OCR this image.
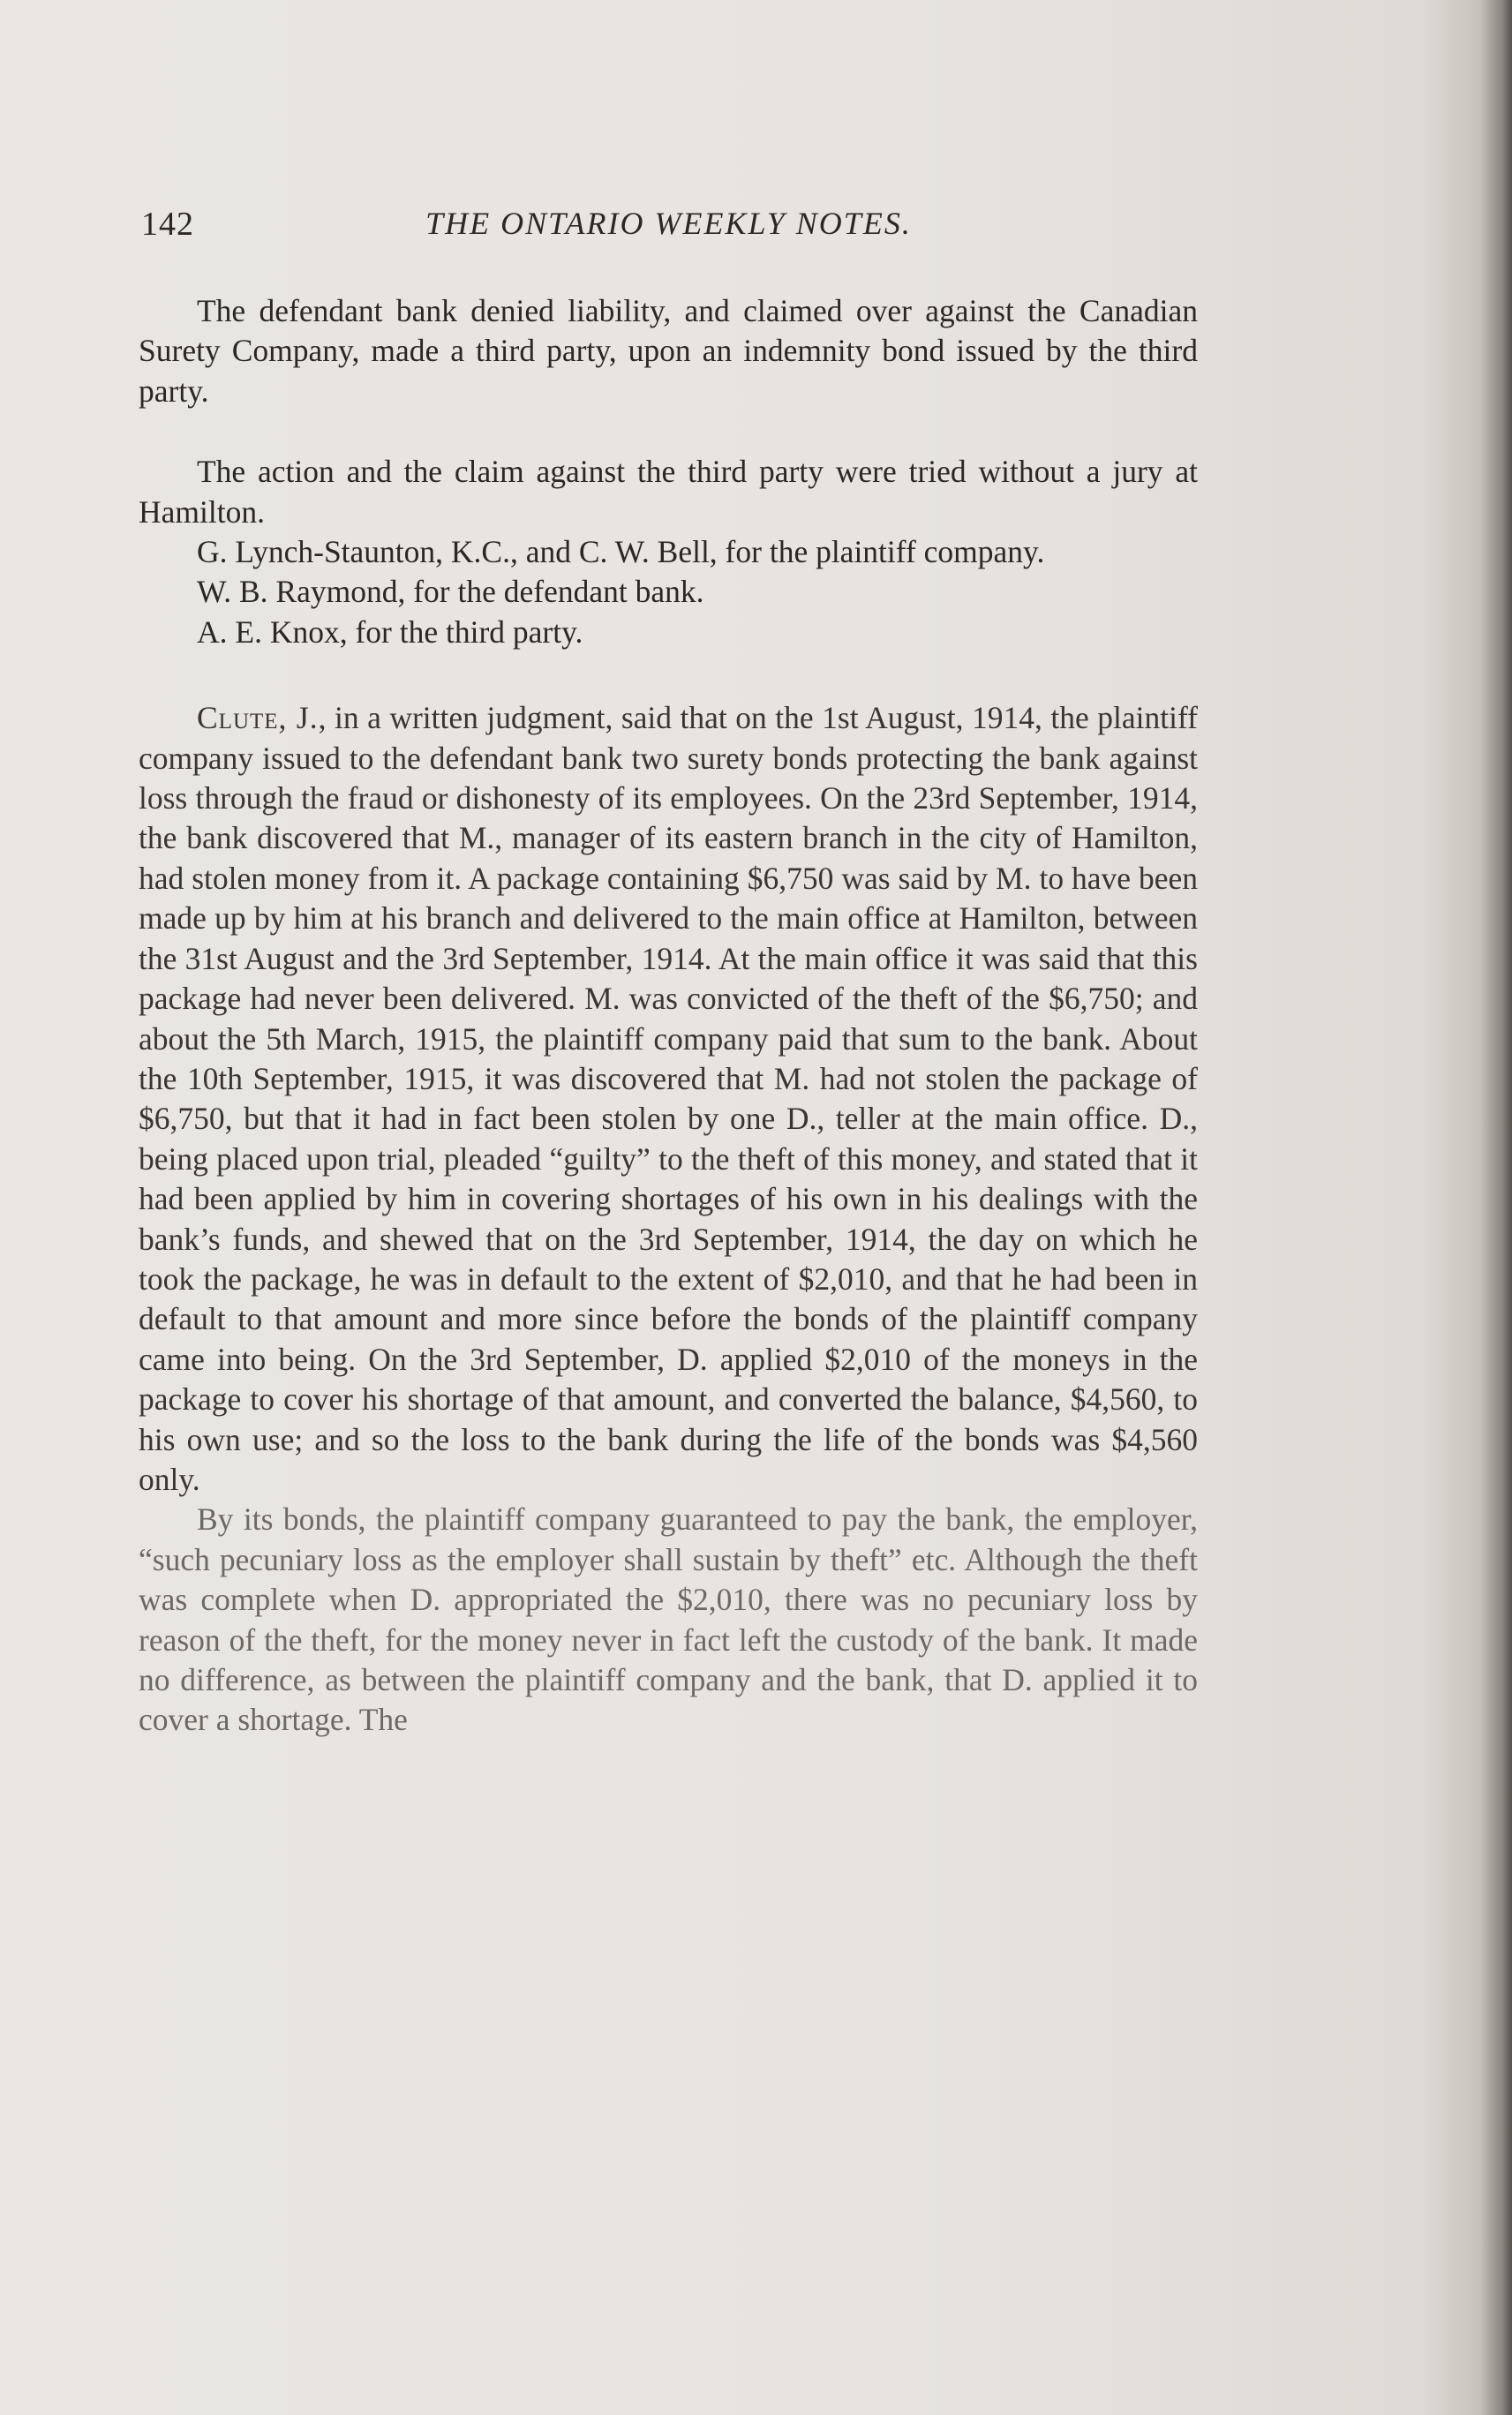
142	THE ONTARIO WEEKLY NOTES.

The defendant bank denied liability, and claimed over against the Canadian Surety Company, made a third party, upon an indemnity bond issued by the third party.

The action and the claim against the third party were tried without a jury at Hamilton.

G. Lynch-Staunton, K.C., and C. W. Bell, for the plaintiff company.

W. B. Raymond, for the defendant bank.

A. E. Knox, for the third party.

Clute, J., in a written judgment, said that on the 1st August, 1914, the plaintiff company issued to the defendant bank two surety bonds protecting the bank against loss through the fraud or dishonesty of its employees. On the 23rd September, 1914, the bank discovered that M., manager of its eastern branch in the city of Hamilton, had stolen money from it. A package containing $6,750 was said by M. to have been made up by him at his branch and delivered to the main office at Hamilton, between the 31st August and the 3rd September, 1914. At the main office it was said that this package had never been delivered. M. was convicted of the theft of the $6,750; and about the 5th March, 1915, the plaintiff company paid that sum to the bank. About the 10th September, 1915, it was discovered that M. had not stolen the package of $6,750, but that it had in fact been stolen by one D., teller at the main office. D., being placed upon trial, pleaded “guilty” to the theft of this money, and stated that it had been applied by him in covering shortages of his own in his dealings with the bank’s funds, and shewed that on the 3rd September, 1914, the day on which he took the package, he was in default to the extent of $2,010, and that he had been in default to that amount and more since before the bonds of the plaintiff company came into being. On the 3rd September, D. applied $2,010 of the moneys in the package to cover his shortage of that amount, and converted the balance, $4,560, to his own use; and so the loss to the bank during the life of the bonds was $4,560 only.

By its bonds, the plaintiff company guaranteed to pay the bank, the employer, “such pecuniary loss as the employer shall sustain by theft” etc. Although the theft was complete when D. appropriated the $2,010, there was no pecuniary loss by reason of the theft, for the money never in fact left the custody of the bank. It made no difference, as between the plaintiff company and the bank, that D. applied it to cover a shortage. The
